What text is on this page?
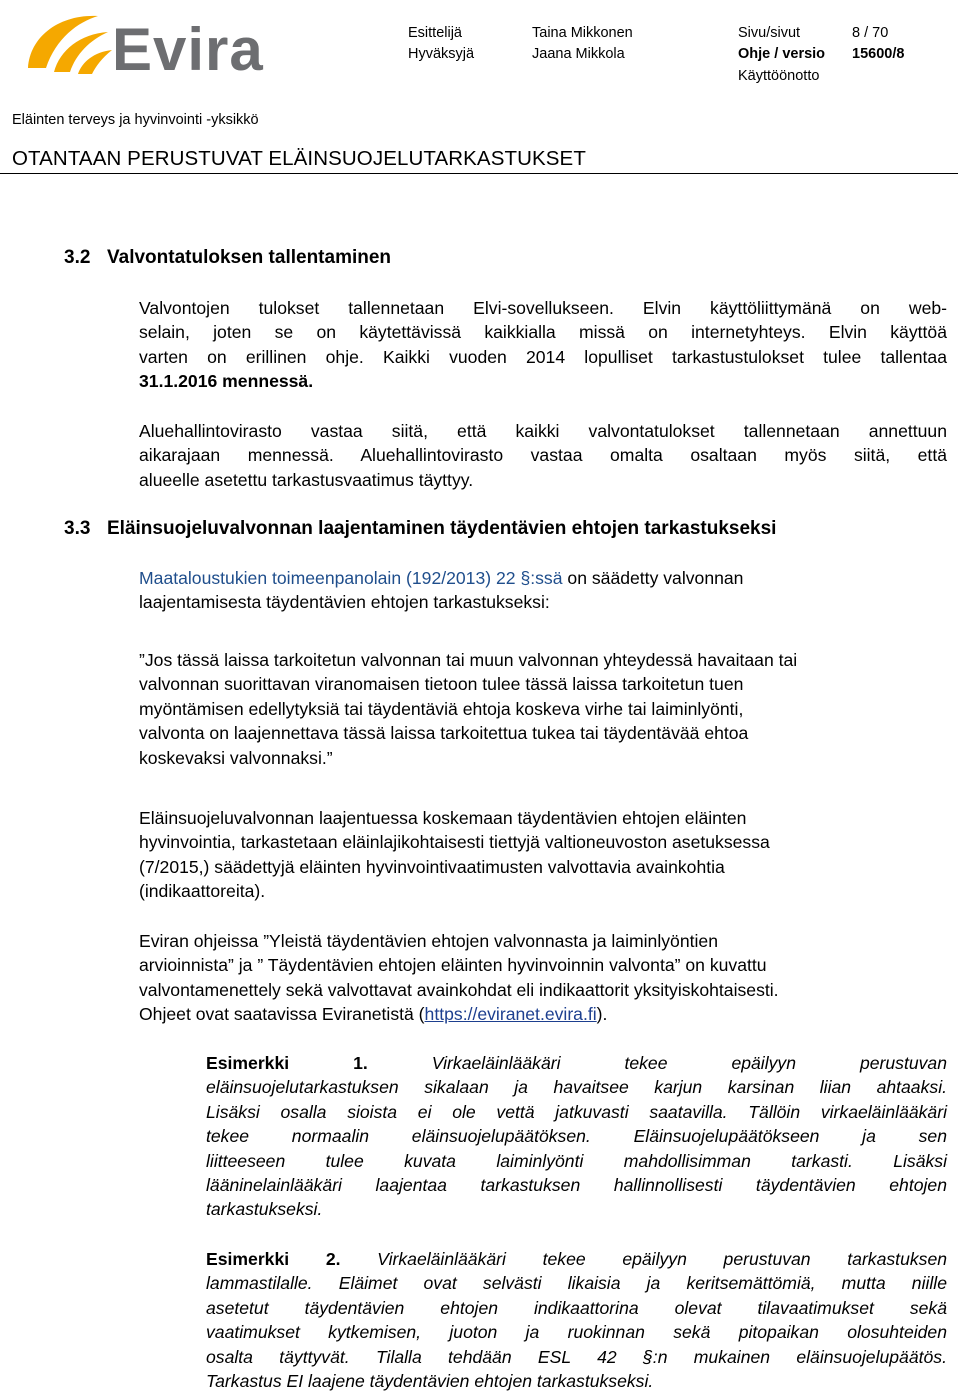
Evira	Esittelijä	Taina Mikkonen	Sivu/sivut	8 / 70
Hyväksyjä	Jaana Mikkola	Ohje / versio 15600/8
Käyttöönotto
Eläinten terveys ja hyvinvointi -yksikkö
OTANTAAN PERUSTUVAT ELÄINSUOJELUTARKASTUKSET
3.2 Valvontatuloksen tallentaminen
Valvontojen tulokset tallennetaan Elvi-sovellukseen. Elvin käyttöliittymänä on web-
selain, joten se on käytettävissä kaikkialla missä on internetyhteys. Elvin käyttöä
varten on erillinen ohje. Kaikki vuoden 2014 lopulliset tarkastustulokset tulee tallentaa
31.1.2016 mennessä.
Aluehallintovirasto vastaa siitä, että kaikki valvontatulokset tallennetaan annettuun
aikarajaan mennessä. Aluehallintovirasto vastaa omalta osaltaan myös siitä, että
alueelle asetettu tarkastusvaatimus täyttyy.
3.3 Eläinsuojeluvalvonnan laajentaminen täydentävien ehtojen tarkastukseksi
Maataloustukien toimeenpanolain (192/2013) 22 §:ssä on säädetty valvonnan
laajentamisesta täydentävien ehtojen tarkastukseksi:
”Jos tässä laissa tarkoitetun valvonnan tai muun valvonnan yhteydessä havaitaan tai
valvonnan suorittavan viranomaisen tietoon tulee tässä laissa tarkoitetun tuen
myöntämisen edellytyksiä tai täydentäviä ehtoja koskeva virhe tai laiminlyönti,
valvonta on laajennettava tässä laissa tarkoitettua tukea tai täydentävää ehtoa
koskevaksi valvonnaksi.”
Eläinsuojeluvalvonnan laajentuessa koskemaan täydentävien ehtojen eläinten
hyvinvointia, tarkastetaan eläinlajikohtaisesti tiettyjä valtioneuvoston asetuksessa
(7/2015,) säädettyjä eläinten hyvinvointivaatimusten valvottavia avainkohtia
(indikaattoreita).
Eviran ohjeissa ”Yleistä täydentävien ehtojen valvonnasta ja laiminlyöntien
arvioinnista” ja ” Täydentävien ehtojen eläinten hyvinvoinnin valvonta” on kuvattu
valvontamenettely sekä valvottavat avainkohdat eli indikaattorit yksityiskohtaisesti.
Ohjeet ovat saatavissa Eviranetistä (https://eviranet.evira.fi).
Esimerkki 1. Virkaeläinlääkäri tekee epäilyyn perustuvan
eläinsuojelutarkastuksen sikalaan ja havaitsee karjun karsinan liian ahtaaksi.
Lisäksi osalla sioista ei ole vettä jatkuvasti saatavilla. Tällöin virkaeläinlääkäri
tekee normaalin eläinsuojelupäätöksen. Eläinsuojelupäätökseen ja sen
liitteeseen tulee kuvata laiminlyönti mahdollisimman tarkasti. Lisäksi
lääninelainlääkäri laajentaa tarkastuksen hallinnollisesti täydentävien ehtojen
tarkastukseksi.
Esimerkki 2. Virkaeläinlääkäri tekee epäilyyn perustuvan tarkastuksen
lammastilalle. Eläimet ovat selvästi likaisia ja keritsemättömiä, mutta niille
asetetut täydentävien ehtojen indikaattorina olevat tilavaatimukset sekä
vaatimukset kytkemisen, juoton ja ruokinnan sekä pitopaikan olosuhteiden
osalta täyttyvät. Tilalla tehdään ESL 42 §:n mukainen eläinsuojelupäätös.
Tarkastus EI laajene täydentävien ehtojen tarkastukseksi.
